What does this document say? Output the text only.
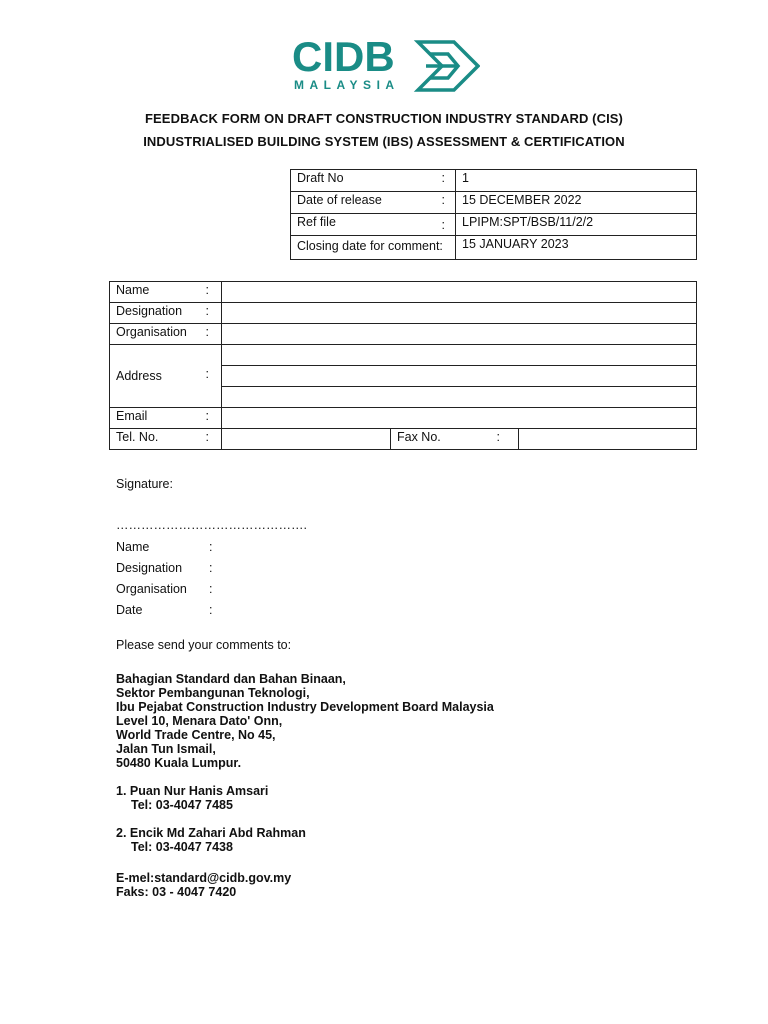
CIDB
MALAYSIA
FEEDBACK FORM ON DRAFT CONSTRUCTION INDUSTRY STANDARD (CIS)
INDUSTRIALISED BUILDING SYSTEM (IBS) ASSESSMENT & CERTIFICATION
Draft No :	1
Date of release :	15 DECEMBER 2022
Ref file :	LPIPM:SPT/BSB/11/2/2
Closing date for comment:	15 JANUARY 2023
Name :			

Designation :			

Organisation :			

Address :			

Email :			

Tel. No. :		Fax No. :	

Signature:
……………………………………….
Name	:
Designation :
Organisation :
Date	:
Please send your comments to:
Bahagian Standard dan Bahan Binaan,
Sektor Pembangunan Teknologi,
Ibu Pejabat Construction Industry Development Board Malaysia
Level 10, Menara Dato' Onn,
World Trade Centre, No 45,
Jalan Tun Ismail,
50480 Kuala Lumpur.
1. Puan Nur Hanis Amsari
Tel: 03-4047 7485
2. Encik Md Zahari Abd Rahman
Tel: 03-4047 7438
E-mel:standard@cidb.gov.my
Faks: 03 - 4047 7420
